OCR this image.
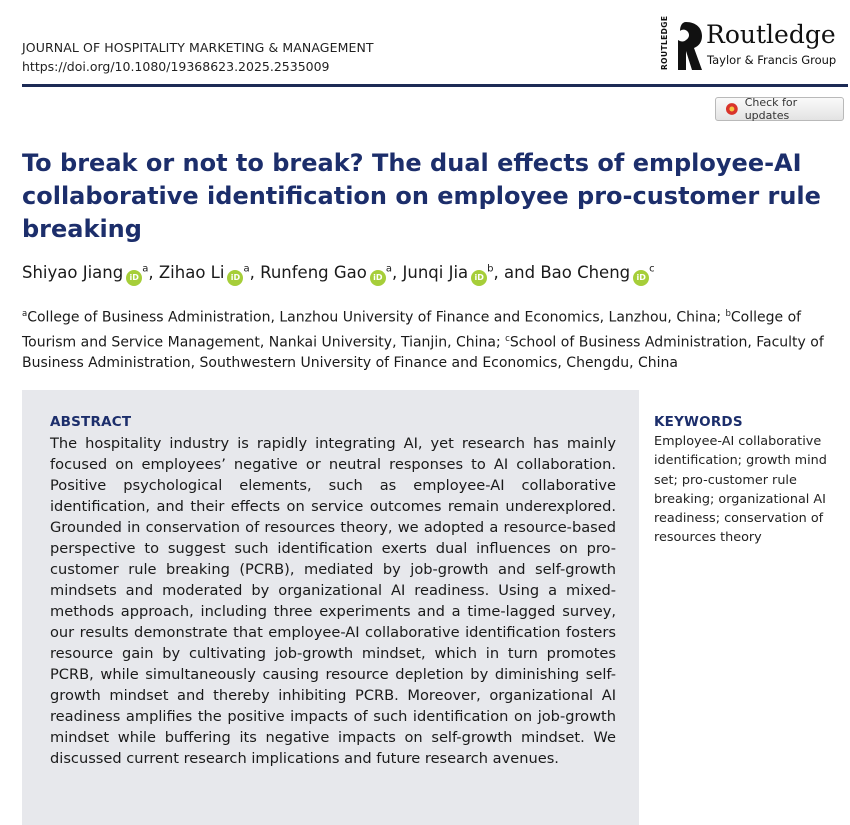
JOURNAL OF HOSPITALITY MARKETING & MANAGEMENT
https://doi.org/10.1080/19368623.2025.2535009	ROUTLEDGE Routledge
Taylor & Francis Group
Check for updates
To break or not to break? The dual effects of employee-AI collaborative identification on employee pro-customer rule breaking
Shiyao Jiang $iD^a$, Zihao Li $iD^a$, Runfeng Gao $iD^a$, Junqi Jia $iD^b$, and Bao Cheng $iD^c$
$^a$College of Business Administration, Lanzhou University of Finance and Economics, Lanzhou, China; $^b$College of Tourism and Service Management, Nankai University, Tianjin, China; $^c$School of Business Administration, Faculty of Business Administration, Southwestern University of Finance and Economics, Chengdu, China
ABSTRACT

The hospitality industry is rapidly integrating AI, yet research has mainly focused on employees’ negative or neutral responses to AI collaboration. Positive psychological elements, such as employee-AI collaborative identification, and their effects on service outcomes remain underexplored. Grounded in conservation of resources theory, we adopted a resource-based perspective to suggest such identification exerts dual influences on pro-customer rule breaking (PCRB), mediated by job-growth and self-growth mindsets and moderated by organizational AI readiness. Using a mixed-methods approach, including three experiments and a time-lagged survey, our results demonstrate that employee-AI collaborative identification fosters resource gain by cultivating job-growth mindset, which in turn promotes PCRB, while simultaneously causing resource depletion by diminishing self-growth mindset and thereby inhibiting PCRB. Moreover, organizational AI readiness amplifies the positive impacts of such identification on job-growth mindset while buffering its negative impacts on self-growth mindset. We discussed current research implications and future research avenues.

KEYWORDS

Employee-AI collaborative identification; growth mind set; pro-customer rule breaking; organizational AI readiness; conservation of resources theory
